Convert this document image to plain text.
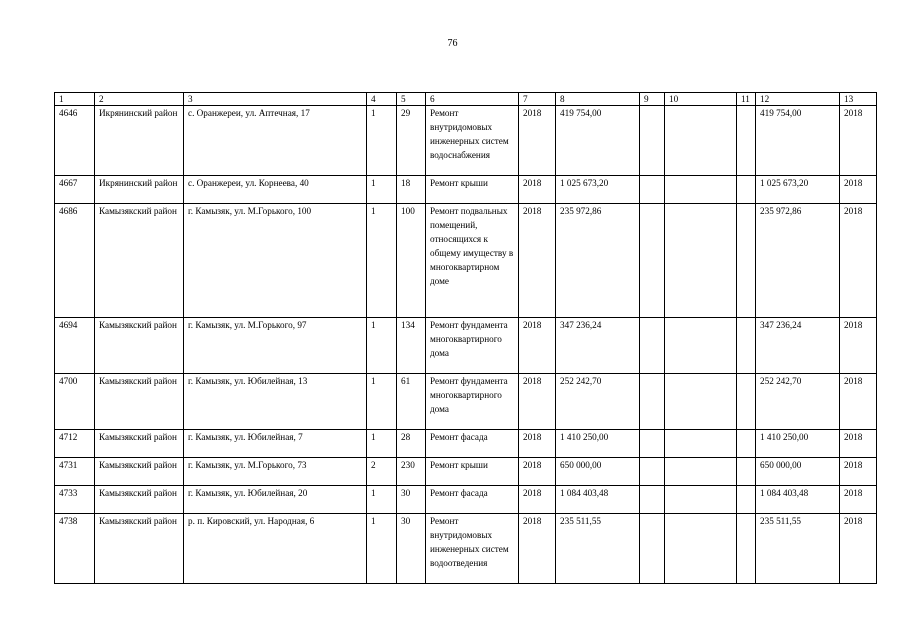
76
1	2	3	4	5	6	7	8	9	10	11	12	13
4646	Икрянинский район	с. Оранжереи, ул. Аптечная, 17	1	29	Ремонт внутридомовых инженерных систем водоснабжения	2018	419 754,00				419 754,00	2018
4667	Икрянинский район	с. Оранжереи, ул. Корнеева, 40	1	18	Ремонт крыши	2018	1 025 673,20				1 025 673,20	2018
4686	Камызякский район	г. Камызяк, ул. М.Горького, 100	1	100	Ремонт подвальных помещений, относящихся к общему имуществу в многоквартирном доме	2018	235 972,86				235 972,86	2018
4694	Камызякский район	г. Камызяк, ул. М.Горького, 97	1	134	Ремонт фундамента многоквартирного дома	2018	347 236,24				347 236,24	2018
4700	Камызякский район	г. Камызяк, ул. Юбилейная, 13	1	61	Ремонт фундамента многоквартирного дома	2018	252 242,70				252 242,70	2018
4712	Камызякский район	г. Камызяк, ул. Юбилейная, 7	1	28	Ремонт фасада	2018	1 410 250,00				1 410 250,00	2018
4731	Камызякский район	г. Камызяк, ул. М.Горького, 73	2	230	Ремонт крыши	2018	650 000,00				650 000,00	2018
4733	Камызякский район	г. Камызяк, ул. Юбилейная, 20	1	30	Ремонт фасада	2018	1 084 403,48				1 084 403,48	2018
4738	Камызякский район	р. п. Кировский, ул. Народная, 6	1	30	Ремонт внутридомовых инженерных систем водоотведения	2018	235 511,55				235 511,55	2018
